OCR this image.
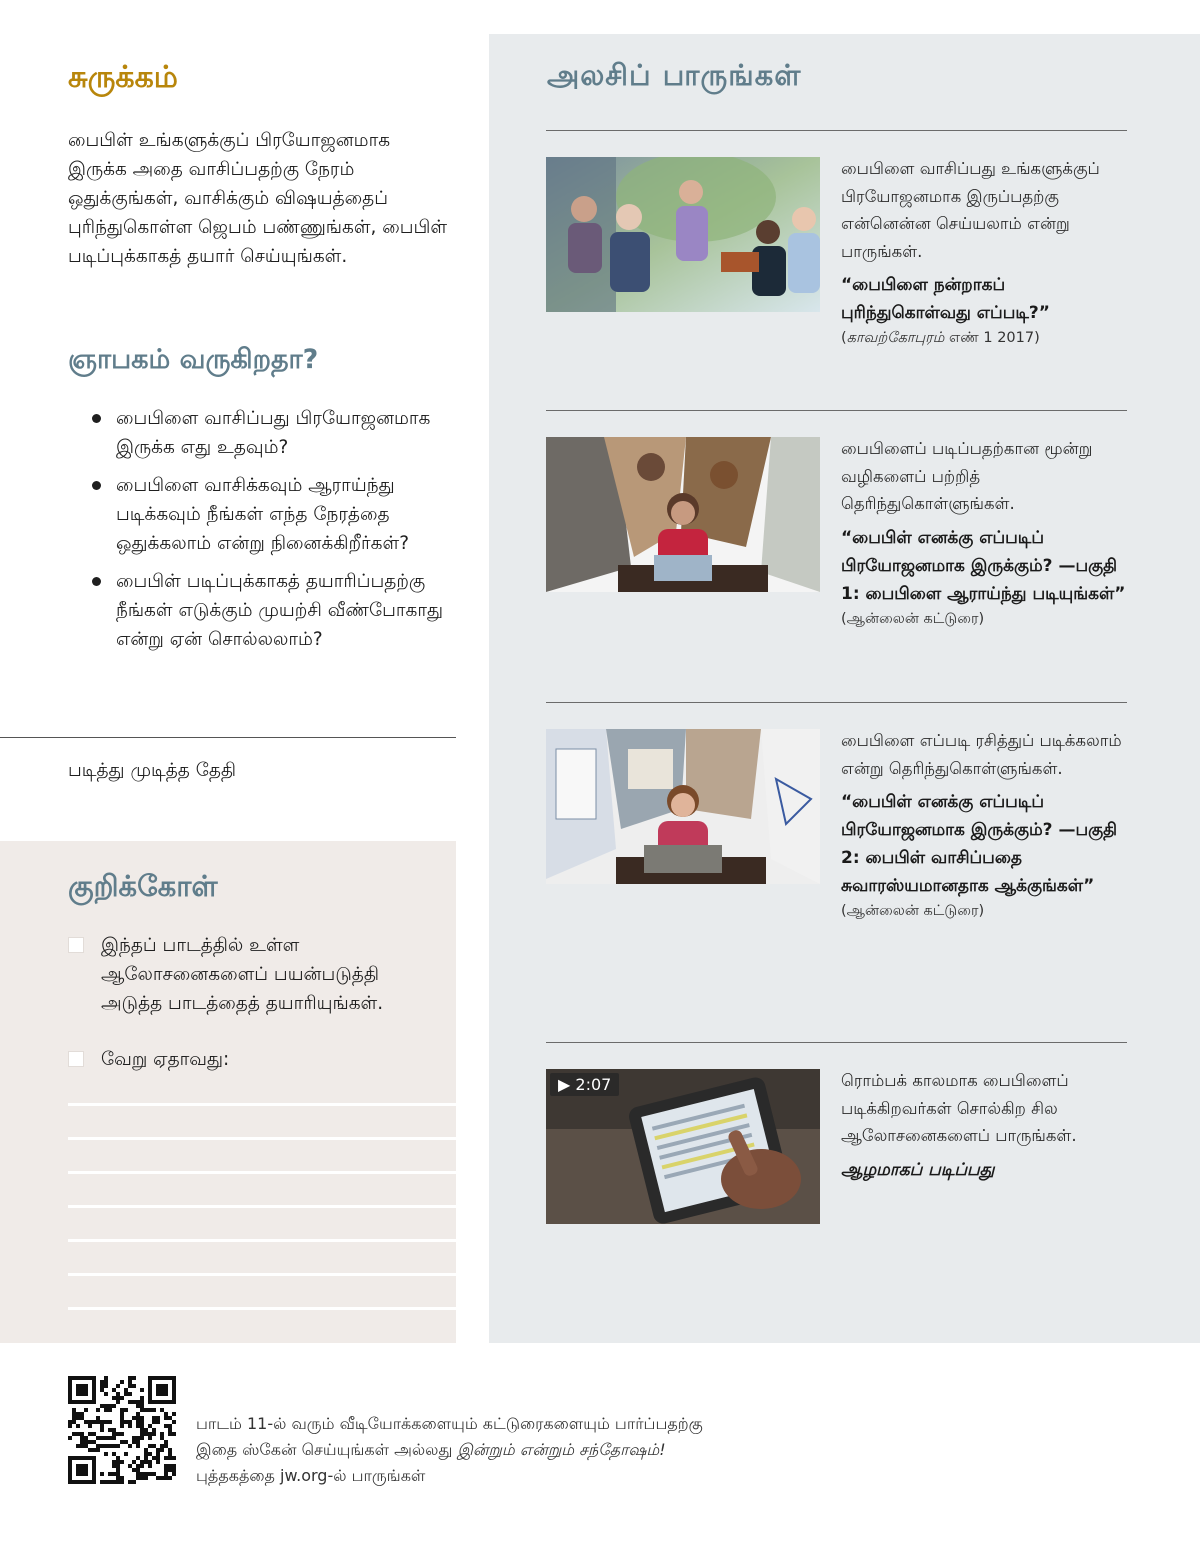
சுருக்கம்

பைபிள் உங்களுக்குப் பிரயோஜனமாக இருக்க அதை வாசிப்பதற்கு நேரம் ஒதுக்குங்கள், வாசிக்கும் விஷயத்தைப் புரிந்துகொள்ள ஜெபம் பண்ணுங்கள், பைபிள் படிப்புக்காகத் தயார் செய்யுங்கள்.

ஞாபகம் வருகிறதா?
பைபிளை வாசிப்பது பிரயோஜனமாக இருக்க எது உதவும்?
பைபிளை வாசிக்கவும் ஆராய்ந்து படிக்கவும் நீங்கள் எந்த நேரத்தை ஒதுக்கலாம் என்று நினைக்கிறீர்கள்?
பைபிள் படிப்புக்காகத் தயாரிப்பதற்கு நீங்கள் எடுக்கும் முயற்சி வீண்போகாது என்று ஏன் சொல்லலாம்?
படித்து முடித்த தேதி
குறிக்கோள்
இந்தப் பாடத்தில் உள்ள ஆலோசனைகளைப் பயன்படுத்தி அடுத்த பாடத்தைத் தயாரியுங்கள்.
வேறு ஏதாவது:
அலசிப் பாருங்கள்
பைபிளை வாசிப்பது உங்களுக்குப் பிரயோஜனமாக இருப்பதற்கு என்னென்ன செய்யலாம் என்று பாருங்கள்.
“பைபிளை நன்றாகப் புரிந்துகொள்வது எப்படி?”
(காவற்கோபுரம் எண் 1 2017)
பைபிளைப் படிப்பதற்கான மூன்று வழிகளைப் பற்றித் தெரிந்துகொள்ளுங்கள்.
“பைபிள் எனக்கு எப்படிப் பிரயோஜனமாக இருக்கும்? —பகுதி 1: பைபிளை ஆராய்ந்து படியுங்கள்”
(ஆன்லைன் கட்டுரை)
பைபிளை எப்படி ரசித்துப் படிக்கலாம் என்று தெரிந்துகொள்ளுங்கள்.
“பைபிள் எனக்கு எப்படிப் பிரயோஜனமாக இருக்கும்? —பகுதி 2: பைபிள் வாசிப்பதை சுவாரஸ்யமானதாக ஆக்குங்கள்”
(ஆன்லைன் கட்டுரை)
▶ 2:07	ரொம்பக் காலமாக பைபிளைப் படிக்கிறவர்கள் சொல்கிற சில ஆலோசனைகளைப் பாருங்கள்.
ஆழமாகப் படிப்பது

பாடம் 11-ல் வரும் வீடியோக்களையும் கட்டுரைகளையும் பார்ப்பதற்கு இதை ஸ்கேன் செய்யுங்கள் அல்லது இன்றும் என்றும் சந்தோஷம்! புத்தகத்தை jw.org-ல் பாருங்கள்
